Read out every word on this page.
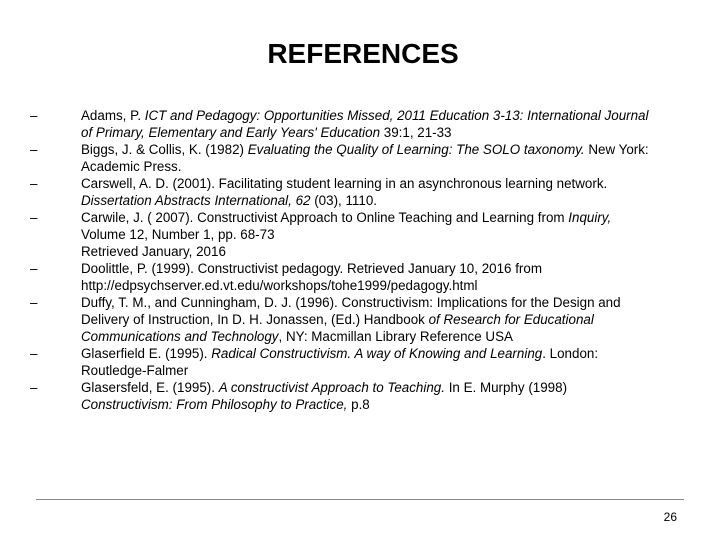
REFERENCES
–	Adams, P. ICT and Pedagogy: Opportunities Missed, 2011 Education 3-13: International Journal
of Primary, Elementary and Early Years' Education 39:1, 21-33
–	Biggs, J. & Collis, K. (1982) Evaluating the Quality of Learning: The SOLO taxonomy. New York:
Academic Press.
–	Carswell, A. D. (2001). Facilitating student learning in an asynchronous learning network.
Dissertation Abstracts International, 62 (03), 1110.
–	Carwile, J. ( 2007). Constructivist Approach to Online Teaching and Learning from Inquiry,
Volume 12, Number 1, pp. 68-73
Retrieved January, 2016
–	Doolittle, P. (1999). Constructivist pedagogy. Retrieved January 10, 2016 from
http://edpsychserver.ed.vt.edu/workshops/tohe1999/pedagogy.html
–	Duffy, T. M., and Cunningham, D. J. (1996). Constructivism: Implications for the Design and
Delivery of Instruction, In D. H. Jonassen, (Ed.) Handbook of Research for Educational
Communications and Technology, NY: Macmillan Library Reference USA
–	Glaserfield E. (1995). Radical Constructivism. A way of Knowing and Learning. London:
Routledge-Falmer
–	Glasersfeld, E. (1995). A constructivist Approach to Teaching. In E. Murphy (1998)
Constructivism: From Philosophy to Practice, p.8
26
